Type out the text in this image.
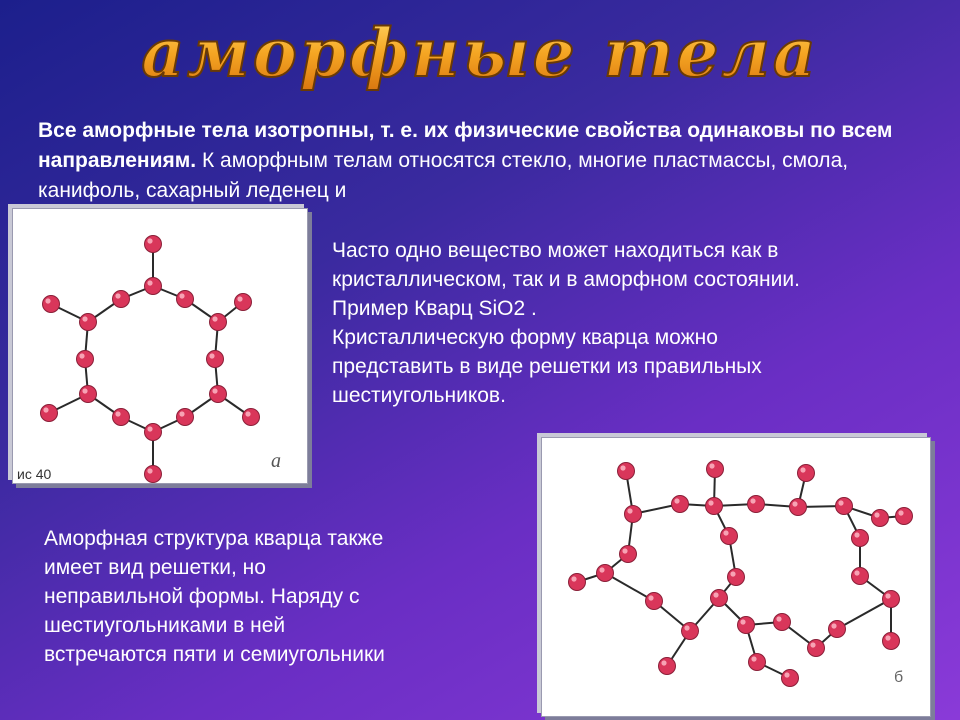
аморфные тела

Все аморфные тела изотропны, т. е. их физические свойства одинаковы по всем направлениям. К аморфным телам относятся стекло, многие пластмассы, смола, канифоль, сахарный леденец и

ис 40
a

Часто одно вещество может находиться как в
кристаллическом, так и в аморфном состоянии.
Пример Кварц SiO2 .
Кристаллическую форму кварца можно
представить в виде решетки из правильных
шестиугольников.

Аморфная структура кварца также
имеет вид решетки, но
неправильной формы. Наряду с
шестиугольниками в ней
встречаются пяти и семиугольники

б
